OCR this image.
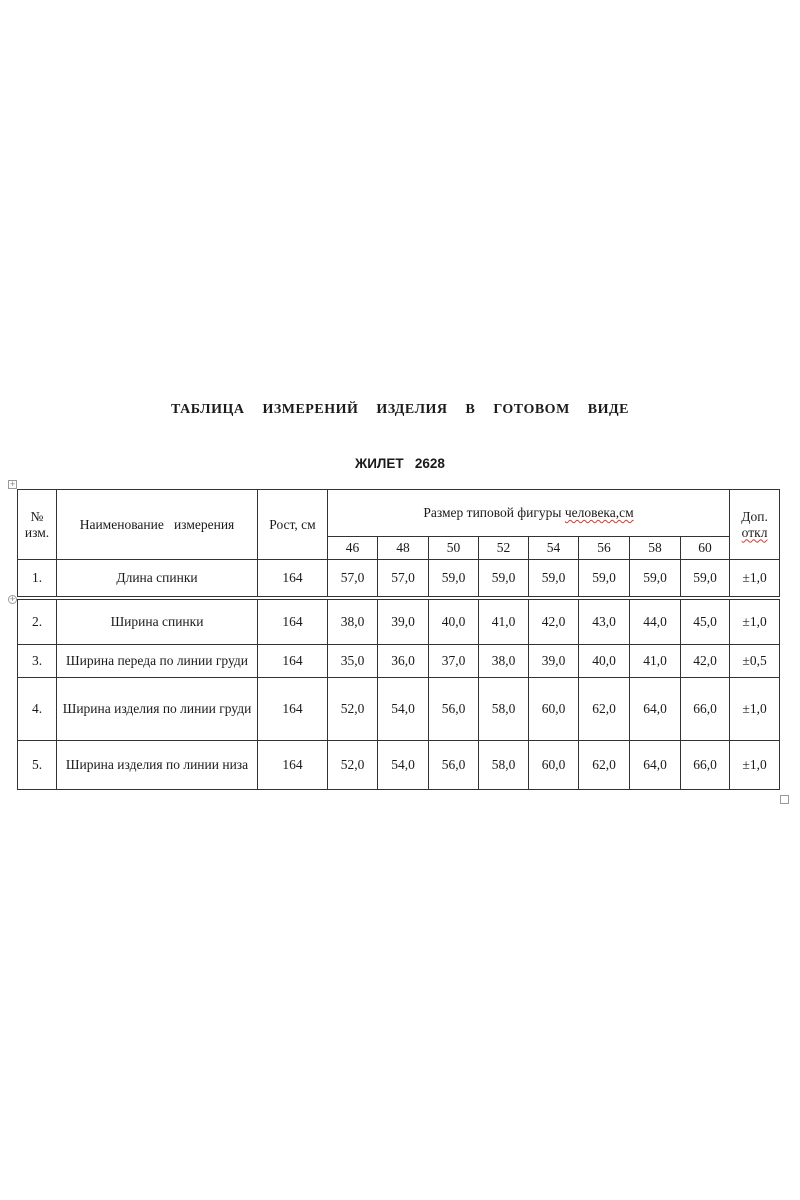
ТАБЛИЦА  ИЗМЕРЕНИЙ  ИЗДЕЛИЯ  В  ГОТОВОМ  ВИДЕ
ЖИЛЕТ   2628
+
+
№ изм.	Наименование   измерения	Рост, см	Размер типовой фигуры человека,см								Доп.
откл
			46	48	50	52	54	56	58	60	
1.	Длина спинки	164	57,0	57,0	59,0	59,0	59,0	59,0	59,0	59,0	±1,0

2.	Ширина спинки	164	38,0	39,0	40,0	41,0	42,0	43,0	44,0	45,0	±1,0
3.	Ширина переда по линии груди	164	35,0	36,0	37,0	38,0	39,0	40,0	41,0	42,0	±0,5
4.	Ширина изделия по линии груди	164	52,0	54,0	56,0	58,0	60,0	62,0	64,0	66,0	±1,0
5.	Ширина изделия по линии низа	164	52,0	54,0	56,0	58,0	60,0	62,0	64,0	66,0	±1,0
